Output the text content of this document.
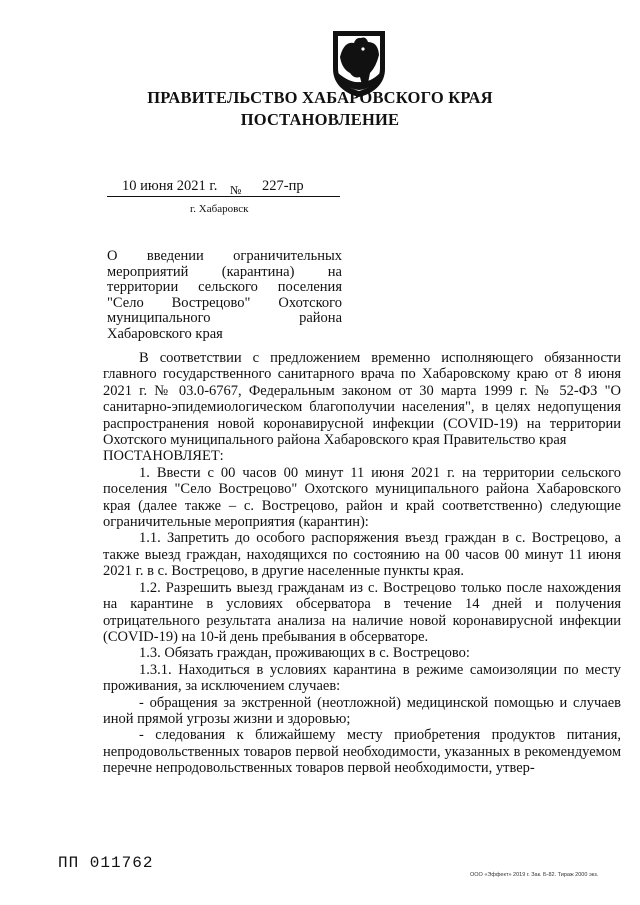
ПРАВИТЕЛЬСТВО ХАБАРОВСКОГО КРАЯ
ПОСТАНОВЛЕНИЕ
10 июня 2021 г. № 227-пр
г. Хабаровск
О введении ограничительных мероприятий (карантина) на территории сельского поселения "Село Вострецово" Охотского муниципального района Хабаровского края

В соответствии с предложением временно исполняющего обязанности главного государственного санитарного врача по Хабаровскому краю от 8 июня 2021 г. № 03.0-6767, Федеральным законом от 30 марта 1999 г. № 52-ФЗ "О санитарно-эпидемиологическом благополучии населения", в целях недопущения распространения новой коронавирусной инфекции (COVID-19) на территории Охотского муниципального района Хабаровского края Правительство края

ПОСТАНОВЛЯЕТ:

1. Ввести с 00 часов 00 минут 11 июня 2021 г. на территории сельского поселения "Село Вострецово" Охотского муниципального района Хабаровского края (далее также – с. Вострецово, район и край соответственно) следующие ограничительные мероприятия (карантин):

1.1. Запретить до особого распоряжения въезд граждан в с. Вострецово, а также выезд граждан, находящихся по состоянию на 00 часов 00 минут 11 июня 2021 г. в с. Вострецово, в другие населенные пункты края.

1.2. Разрешить выезд гражданам из с. Вострецово только после нахождения на карантине в условиях обсерватора в течение 14 дней и получения отрицательного результата анализа на наличие новой коронавирусной инфекции (COVID-19) на 10-й день пребывания в обсерваторе.

1.3. Обязать граждан, проживающих в с. Вострецово:

1.3.1. Находиться в условиях карантина в режиме самоизоляции по месту проживания, за исключением случаев:

- обращения за экстренной (неотложной) медицинской помощью и случаев иной прямой угрозы жизни и здоровью;

- следования к ближайшему месту приобретения продуктов питания, непродовольственных товаров первой необходимости, указанных в рекомендуемом перечне непродовольственных товаров первой необходимости, утвер-

ПП 011762
ООО «Эффект» 2019 г. Зак. Б-82. Тираж 2000 экз.
